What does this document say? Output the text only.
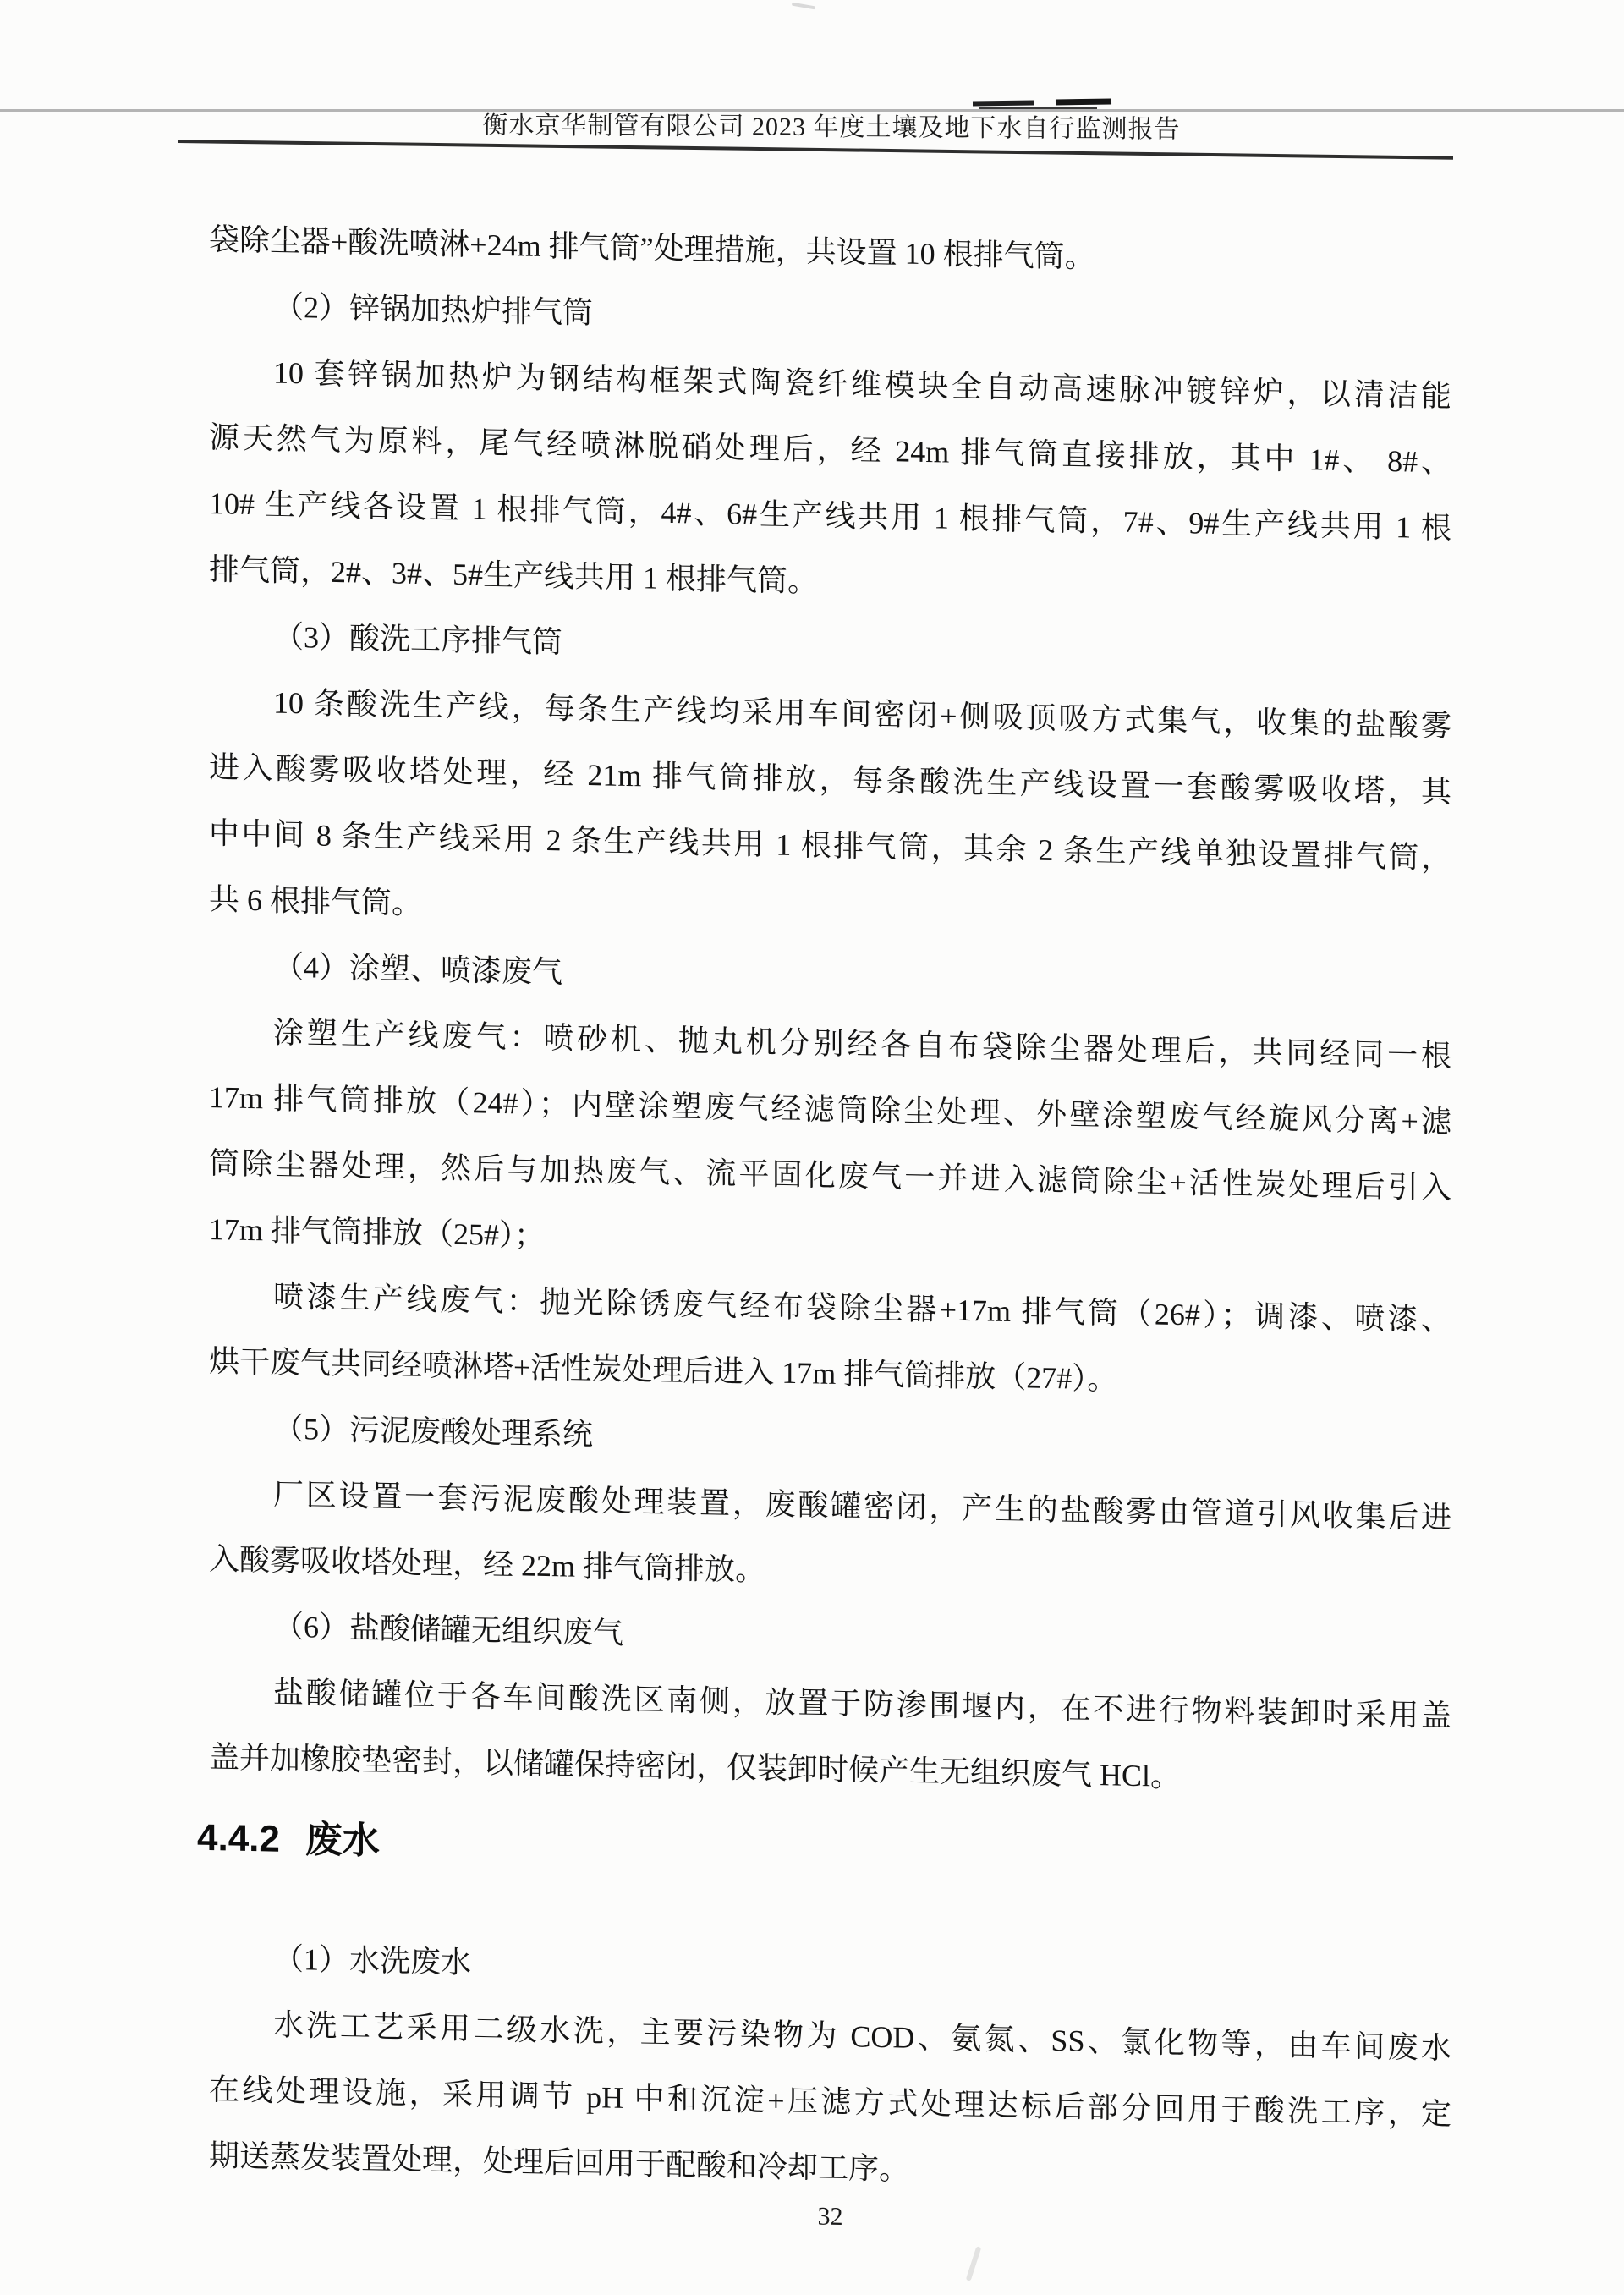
衡水京华制管有限公司 2023 年度土壤及地下水自行监测报告
袋除尘器+酸洗喷淋+24m 排气筒”处理措施，共设置 10 根排气筒。
（2）锌锅加热炉排气筒
10 套锌锅加热炉为钢结构框架式陶瓷纤维模块全自动高速脉冲镀锌炉，以清洁能
源天然气为原料，尾气经喷淋脱硝处理后，经 24m 排气筒直接排放，其中 1#、 8#、
10# 生产线各设置 1 根排气筒，4#、6#生产线共用 1 根排气筒，7#、9#生产线共用 1 根
排气筒，2#、3#、5#生产线共用 1 根排气筒。
（3）酸洗工序排气筒
10 条酸洗生产线，每条生产线均采用车间密闭+侧吸顶吸方式集气，收集的盐酸雾
进入酸雾吸收塔处理，经 21m 排气筒排放，每条酸洗生产线设置一套酸雾吸收塔，其
中中间 8 条生产线采用 2 条生产线共用 1 根排气筒，其余 2 条生产线单独设置排气筒，
共 6 根排气筒。
（4）涂塑、喷漆废气
涂塑生产线废气：喷砂机、抛丸机分别经各自布袋除尘器处理后，共同经同一根
17m 排气筒排放（24#）；内壁涂塑废气经滤筒除尘处理、外壁涂塑废气经旋风分离+滤
筒除尘器处理，然后与加热废气、流平固化废气一并进入滤筒除尘+活性炭处理后引入
17m 排气筒排放（25#）；
喷漆生产线废气：抛光除锈废气经布袋除尘器+17m 排气筒（26#）；调漆、喷漆、
烘干废气共同经喷淋塔+活性炭处理后进入 17m 排气筒排放（27#）。
（5）污泥废酸处理系统
厂区设置一套污泥废酸处理装置，废酸罐密闭，产生的盐酸雾由管道引风收集后进
入酸雾吸收塔处理，经 22m 排气筒排放。
（6）盐酸储罐无组织废气
盐酸储罐位于各车间酸洗区南侧，放置于防渗围堰内，在不进行物料装卸时采用盖
盖并加橡胶垫密封，以储罐保持密闭，仅装卸时候产生无组织废气 HCl。
4.4.2 废水
（1）水洗废水
水洗工艺采用二级水洗，主要污染物为 COD、氨氮、SS、氯化物等，由车间废水
在线处理设施，采用调节 pH 中和沉淀+压滤方式处理达标后部分回用于酸洗工序，定
期送蒸发装置处理，处理后回用于配酸和冷却工序。
32
